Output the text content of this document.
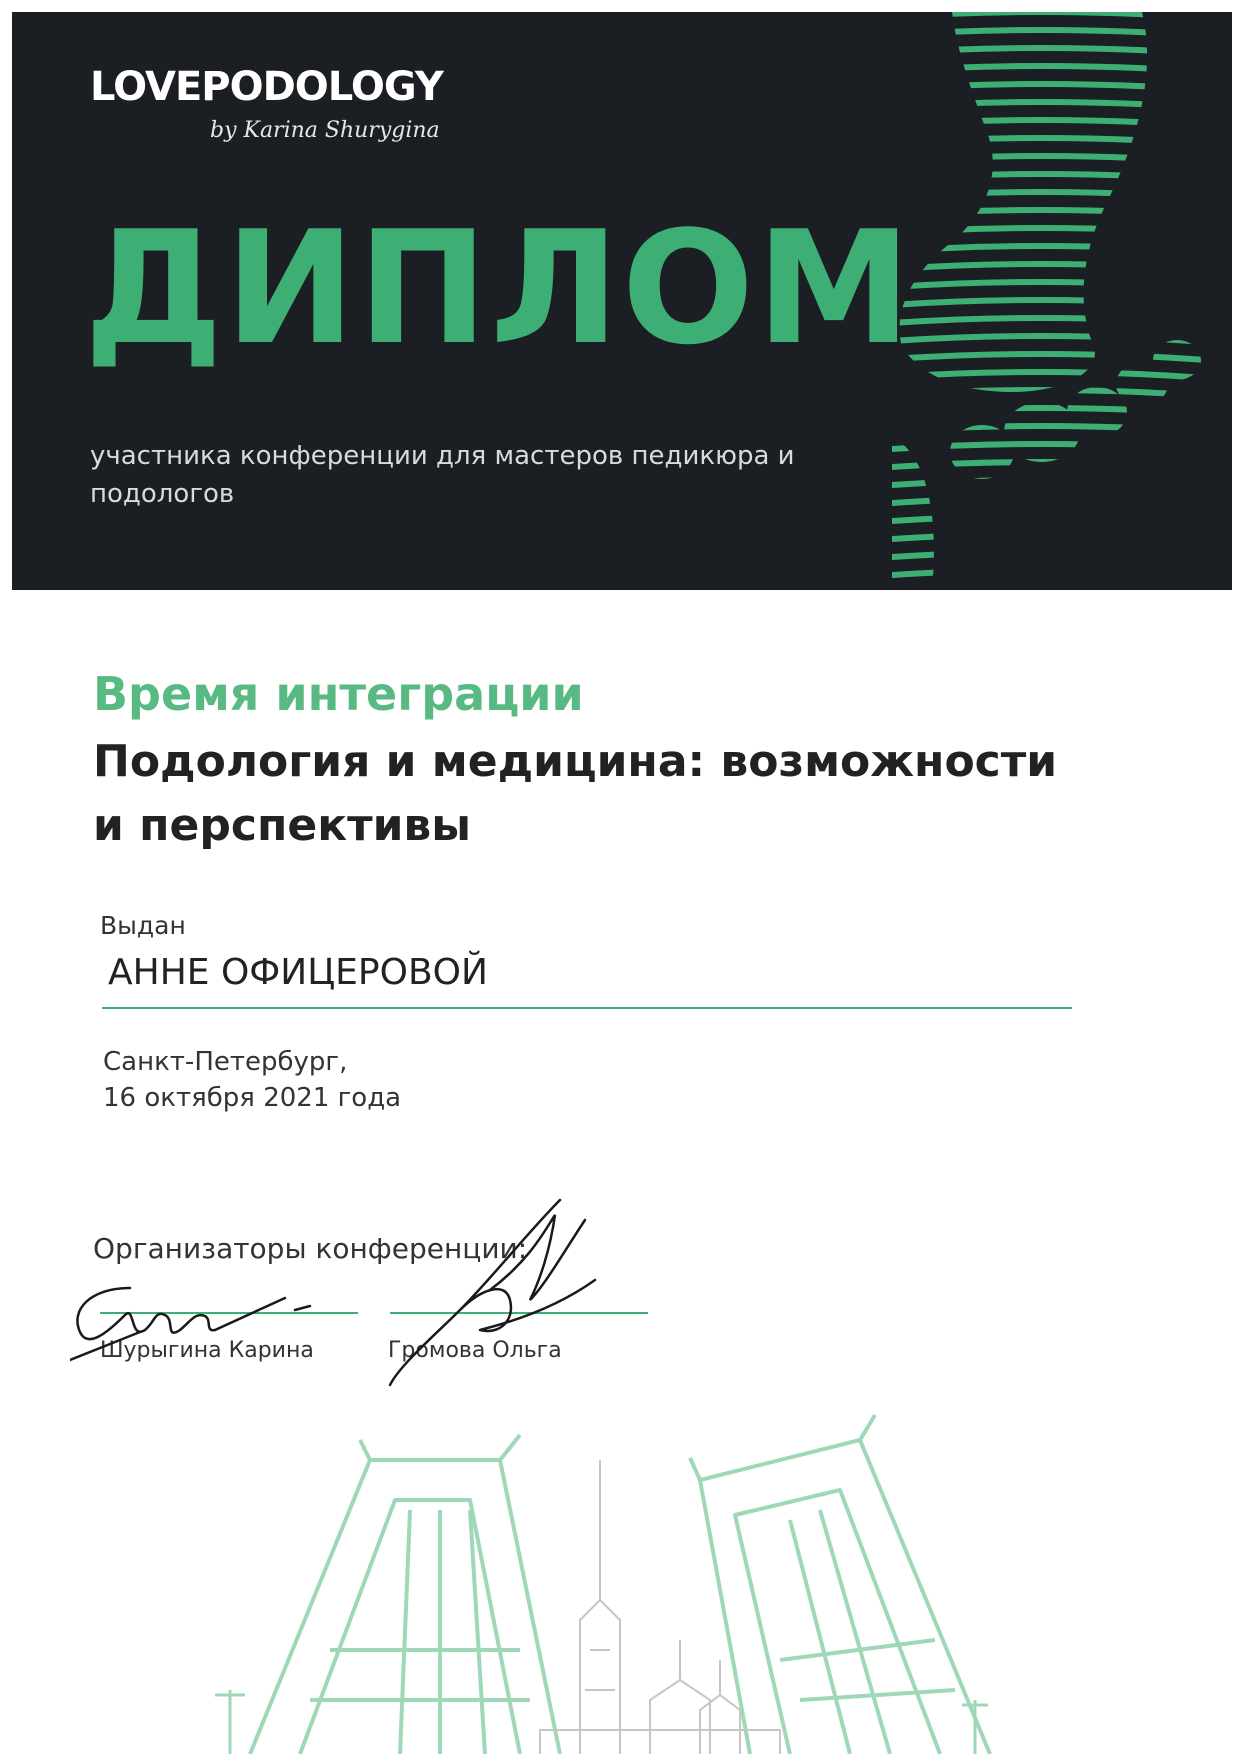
LOVEPODOLOGY
by Karina Shurygina
ДИПЛОМ
участника конференции для мастеров педикюра и подологов
Время интеграции
Подология и медицина: возможности и перспективы
Выдан
АННЕ ОФИЦЕРОВОЙ
Санкт-Петербург,
16 октября 2021 года
Организаторы конференции:
Шурыгина Карина	Громова Ольга
